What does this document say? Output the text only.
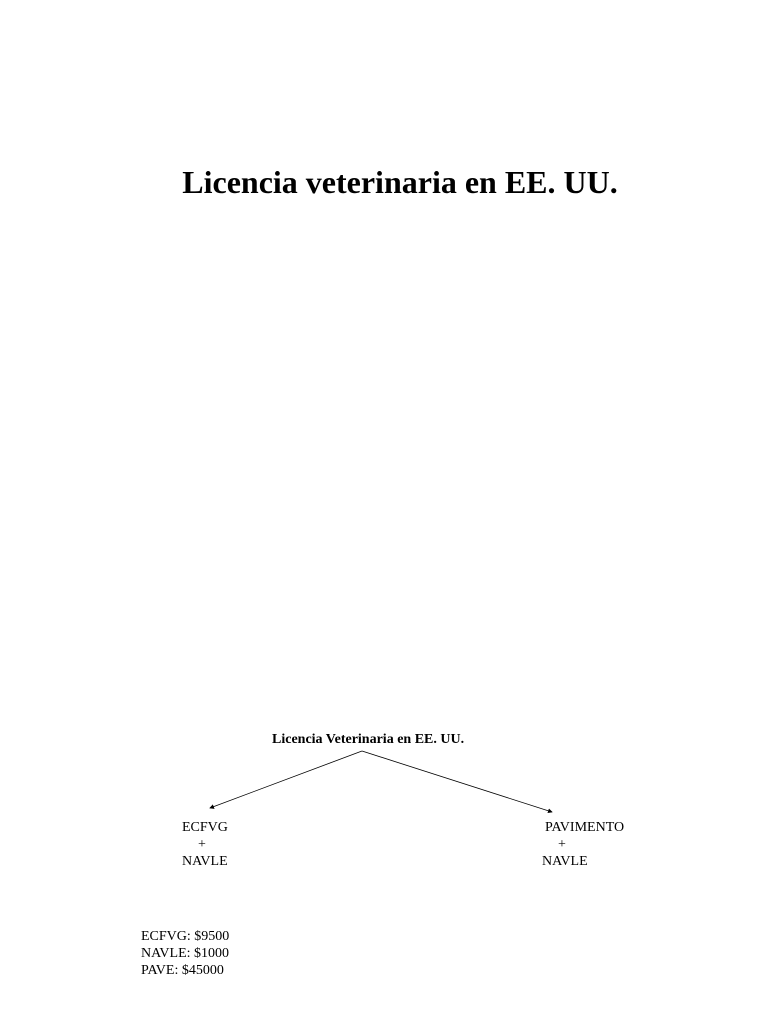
Licencia veterinaria en EE. UU.
Licencia Veterinaria en EE. UU.
ECFVG
+
NAVLE
PAVIMENTO
+
NAVLE
ECFVG: $9500
NAVLE: $1000
PAVE: $45000
